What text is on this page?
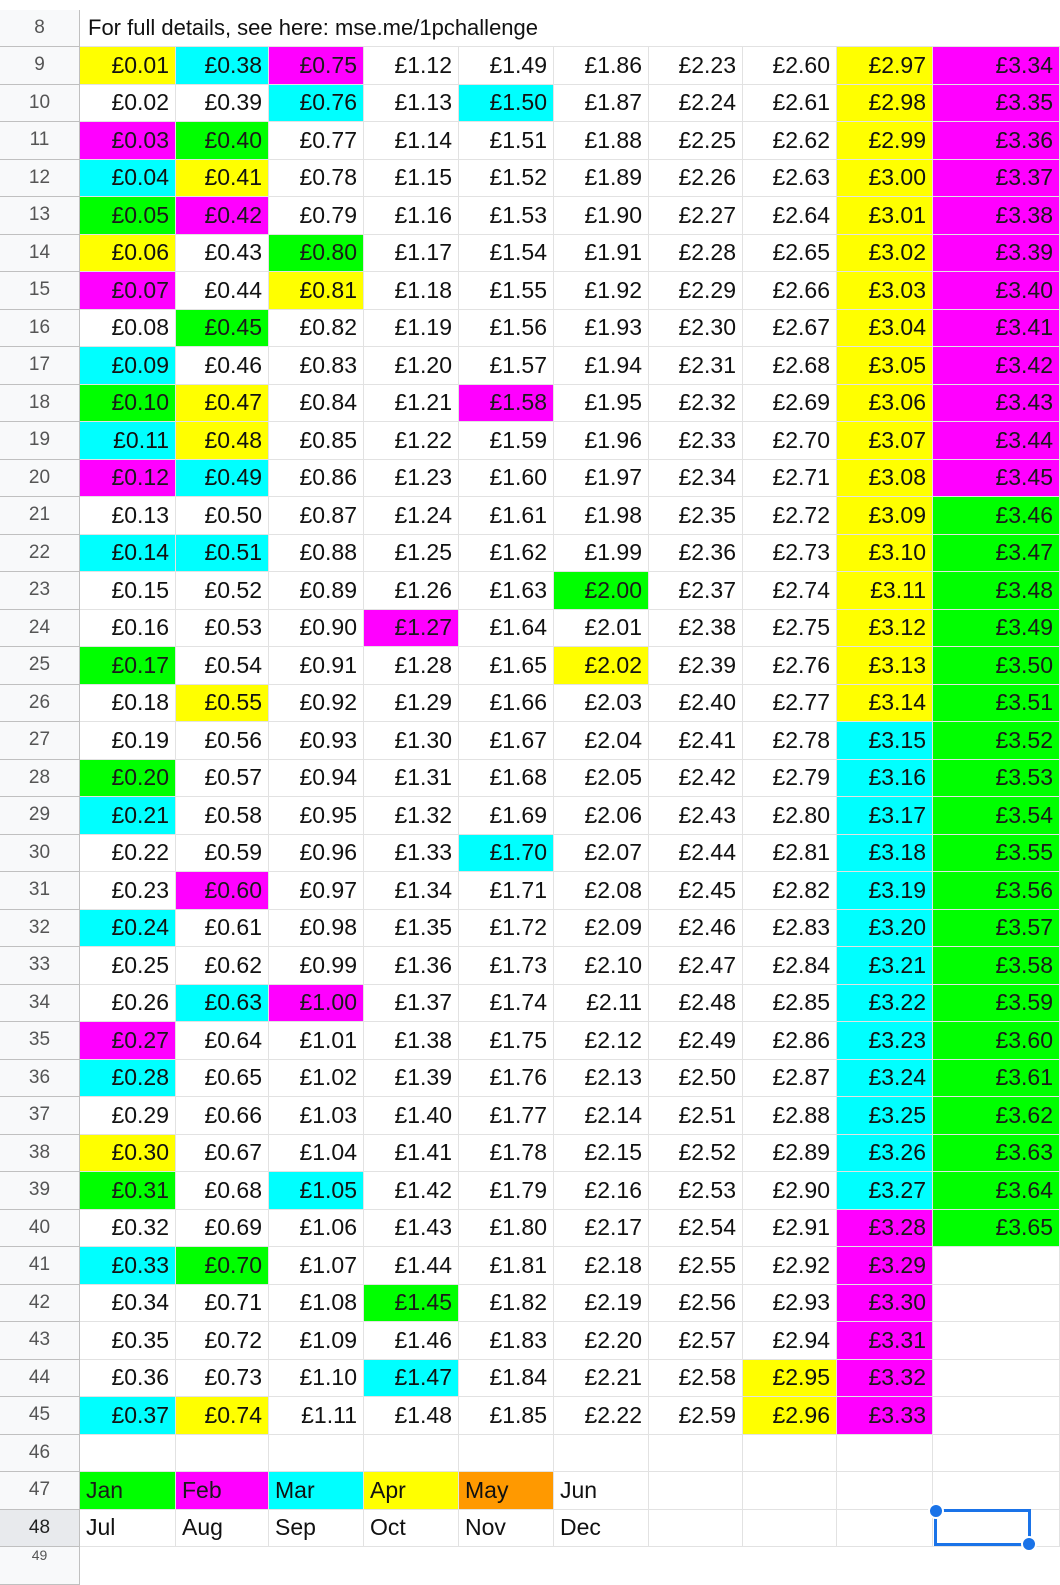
8	For full details, see here: mse.me/1pchallenge
9	£0.01	£0.38	£0.75	£1.12	£1.49	£1.86	£2.23	£2.60	£2.97	£3.34
10	£0.02	£0.39	£0.76	£1.13	£1.50	£1.87	£2.24	£2.61	£2.98	£3.35
11	£0.03	£0.40	£0.77	£1.14	£1.51	£1.88	£2.25	£2.62	£2.99	£3.36
12	£0.04	£0.41	£0.78	£1.15	£1.52	£1.89	£2.26	£2.63	£3.00	£3.37
13	£0.05	£0.42	£0.79	£1.16	£1.53	£1.90	£2.27	£2.64	£3.01	£3.38
14	£0.06	£0.43	£0.80	£1.17	£1.54	£1.91	£2.28	£2.65	£3.02	£3.39
15	£0.07	£0.44	£0.81	£1.18	£1.55	£1.92	£2.29	£2.66	£3.03	£3.40
16	£0.08	£0.45	£0.82	£1.19	£1.56	£1.93	£2.30	£2.67	£3.04	£3.41
17	£0.09	£0.46	£0.83	£1.20	£1.57	£1.94	£2.31	£2.68	£3.05	£3.42
18	£0.10	£0.47	£0.84	£1.21	£1.58	£1.95	£2.32	£2.69	£3.06	£3.43
19	£0.11	£0.48	£0.85	£1.22	£1.59	£1.96	£2.33	£2.70	£3.07	£3.44
20	£0.12	£0.49	£0.86	£1.23	£1.60	£1.97	£2.34	£2.71	£3.08	£3.45
21	£0.13	£0.50	£0.87	£1.24	£1.61	£1.98	£2.35	£2.72	£3.09	£3.46
22	£0.14	£0.51	£0.88	£1.25	£1.62	£1.99	£2.36	£2.73	£3.10	£3.47
23	£0.15	£0.52	£0.89	£1.26	£1.63	£2.00	£2.37	£2.74	£3.11	£3.48
24	£0.16	£0.53	£0.90	£1.27	£1.64	£2.01	£2.38	£2.75	£3.12	£3.49
25	£0.17	£0.54	£0.91	£1.28	£1.65	£2.02	£2.39	£2.76	£3.13	£3.50
26	£0.18	£0.55	£0.92	£1.29	£1.66	£2.03	£2.40	£2.77	£3.14	£3.51
27	£0.19	£0.56	£0.93	£1.30	£1.67	£2.04	£2.41	£2.78	£3.15	£3.52
28	£0.20	£0.57	£0.94	£1.31	£1.68	£2.05	£2.42	£2.79	£3.16	£3.53
29	£0.21	£0.58	£0.95	£1.32	£1.69	£2.06	£2.43	£2.80	£3.17	£3.54
30	£0.22	£0.59	£0.96	£1.33	£1.70	£2.07	£2.44	£2.81	£3.18	£3.55
31	£0.23	£0.60	£0.97	£1.34	£1.71	£2.08	£2.45	£2.82	£3.19	£3.56
32	£0.24	£0.61	£0.98	£1.35	£1.72	£2.09	£2.46	£2.83	£3.20	£3.57
33	£0.25	£0.62	£0.99	£1.36	£1.73	£2.10	£2.47	£2.84	£3.21	£3.58
34	£0.26	£0.63	£1.00	£1.37	£1.74	£2.11	£2.48	£2.85	£3.22	£3.59
35	£0.27	£0.64	£1.01	£1.38	£1.75	£2.12	£2.49	£2.86	£3.23	£3.60
36	£0.28	£0.65	£1.02	£1.39	£1.76	£2.13	£2.50	£2.87	£3.24	£3.61
37	£0.29	£0.66	£1.03	£1.40	£1.77	£2.14	£2.51	£2.88	£3.25	£3.62
38	£0.30	£0.67	£1.04	£1.41	£1.78	£2.15	£2.52	£2.89	£3.26	£3.63
39	£0.31	£0.68	£1.05	£1.42	£1.79	£2.16	£2.53	£2.90	£3.27	£3.64
40	£0.32	£0.69	£1.06	£1.43	£1.80	£2.17	£2.54	£2.91	£3.28	£3.65
41	£0.33	£0.70	£1.07	£1.44	£1.81	£2.18	£2.55	£2.92	£3.29
42	£0.34	£0.71	£1.08	£1.45	£1.82	£2.19	£2.56	£2.93	£3.30
43	£0.35	£0.72	£1.09	£1.46	£1.83	£2.20	£2.57	£2.94	£3.31
44	£0.36	£0.73	£1.10	£1.47	£1.84	£2.21	£2.58	£2.95	£3.32
45	£0.37	£0.74	£1.11	£1.48	£1.85	£2.22	£2.59	£2.96	£3.33
46
47	Jan	Feb	Mar	Apr	May	Jun
48	Jul	Aug	Sep	Oct	Nov	Dec
49
